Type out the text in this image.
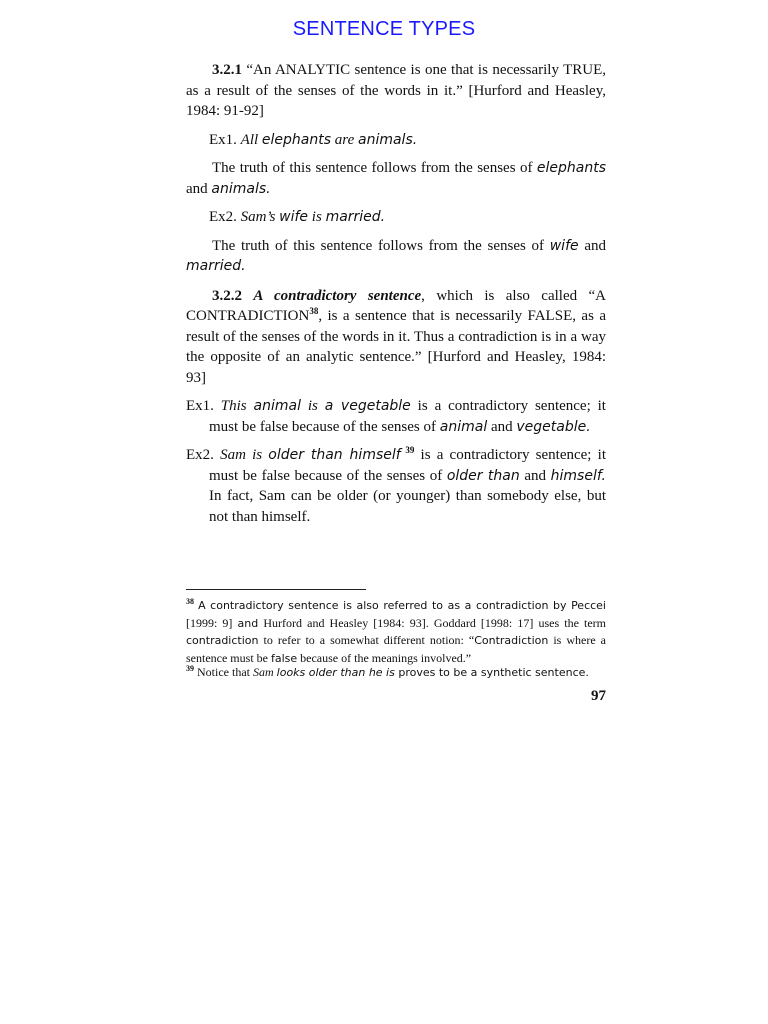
SENTENCE TYPES

3.2.1 “An ANALYTIC sentence is one that is necessarily TRUE, as a result of the senses of the words in it.” [Hurford and Heasley, 1984: 91-92]

Ex1. All elephants are animals.

The truth of this sentence follows from the senses of elephants and animals.

Ex2. Sam’s wife is married.

The truth of this sentence follows from the senses of wife and married.

3.2.2 A contradictory sentence, which is also called “A CONTRADICTION$^{38}$, is a sentence that is necessarily FALSE, as a result of the senses of the words in it. Thus a contradiction is in a way the opposite of an analytic sentence.” [Hurford and Heasley, 1984: 93]

Ex1. This animal is a vegetable is a contradictory sentence; it must be false because of the senses of animal and vegetable.

Ex2. Sam is older than himself $^{39}$ is a contradictory sentence; it must be false because of the senses of older than and himself. In fact, Sam can be older (or younger) than somebody else, but not than himself.

$^{38}$ A contradictory sentence is also referred to as a contradiction by Peccei [1999: 9] and Hurford and Heasley [1984: 93]. Goddard [1998: 17] uses the term contradiction to refer to a somewhat different notion: “Contradiction is where a sentence must be false because of the meanings involved.”
$^{39}$ Notice that Sam looks older than he is proves to be a synthetic sentence.
97
